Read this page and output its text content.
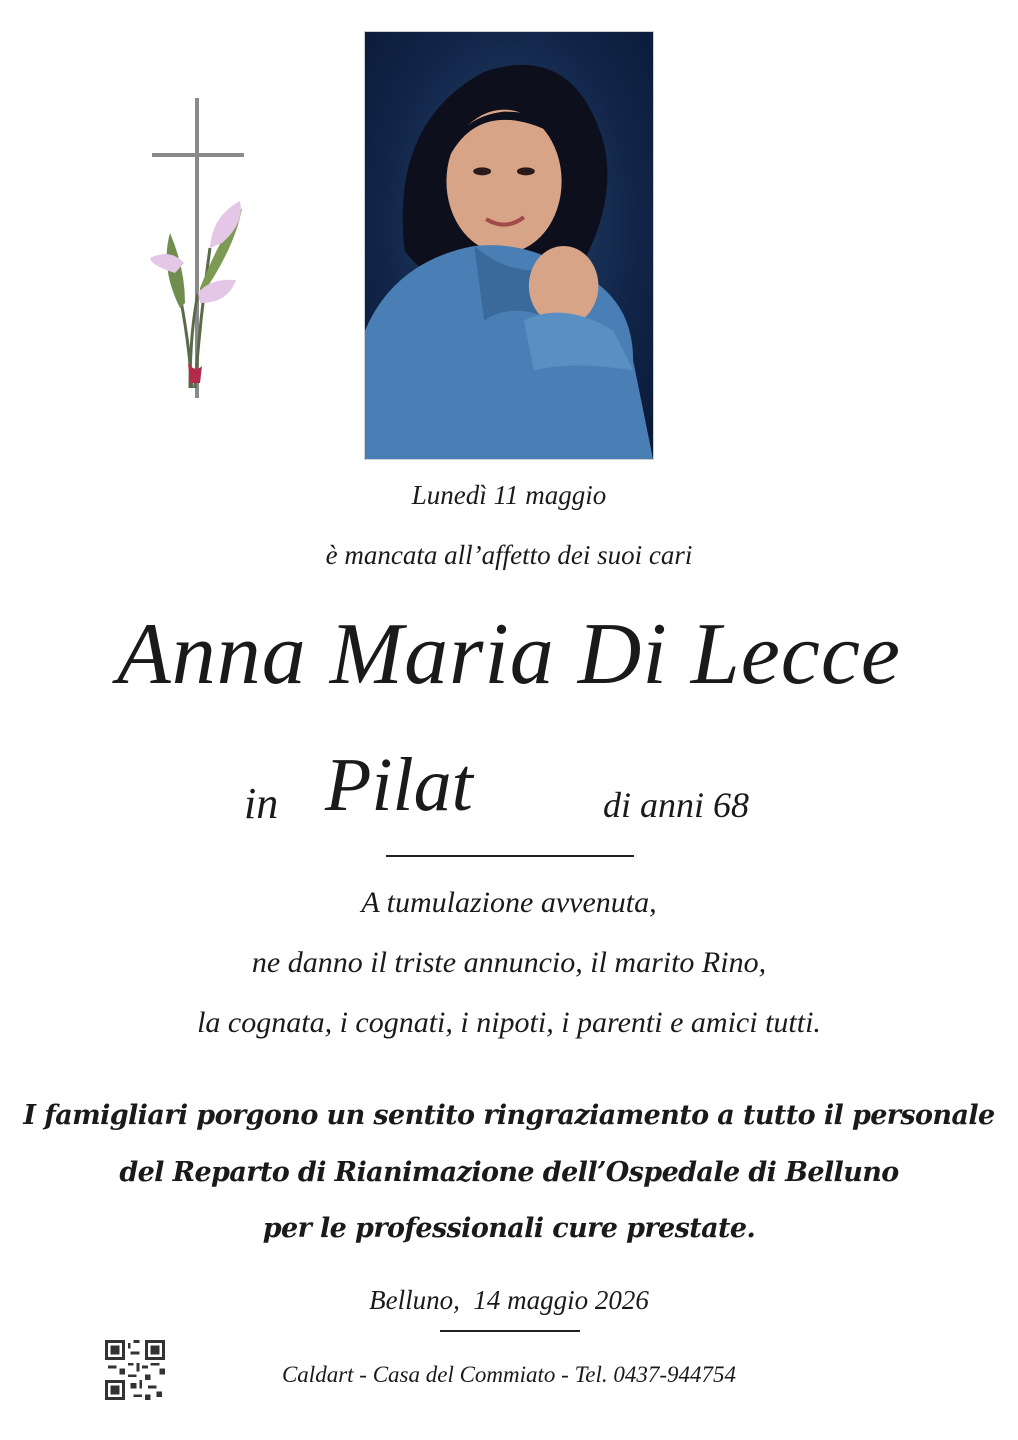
Lunedì 11 maggio
è mancata all’affetto dei suoi cari
Anna Maria Di Lecce
in Pilat	di anni 68
A tumulazione avvenuta,
ne danno il triste annuncio, il marito Rino,
la cognata, i cognati, i nipoti, i parenti e amici tutti.
I famigliari porgono un sentito ringraziamento a tutto il personale
del Reparto di Rianimazione dell’Ospedale di Belluno
per le professionali cure prestate.
Belluno,  14 maggio 2026
Caldart - Casa del Commiato - Tel. 0437-944754
